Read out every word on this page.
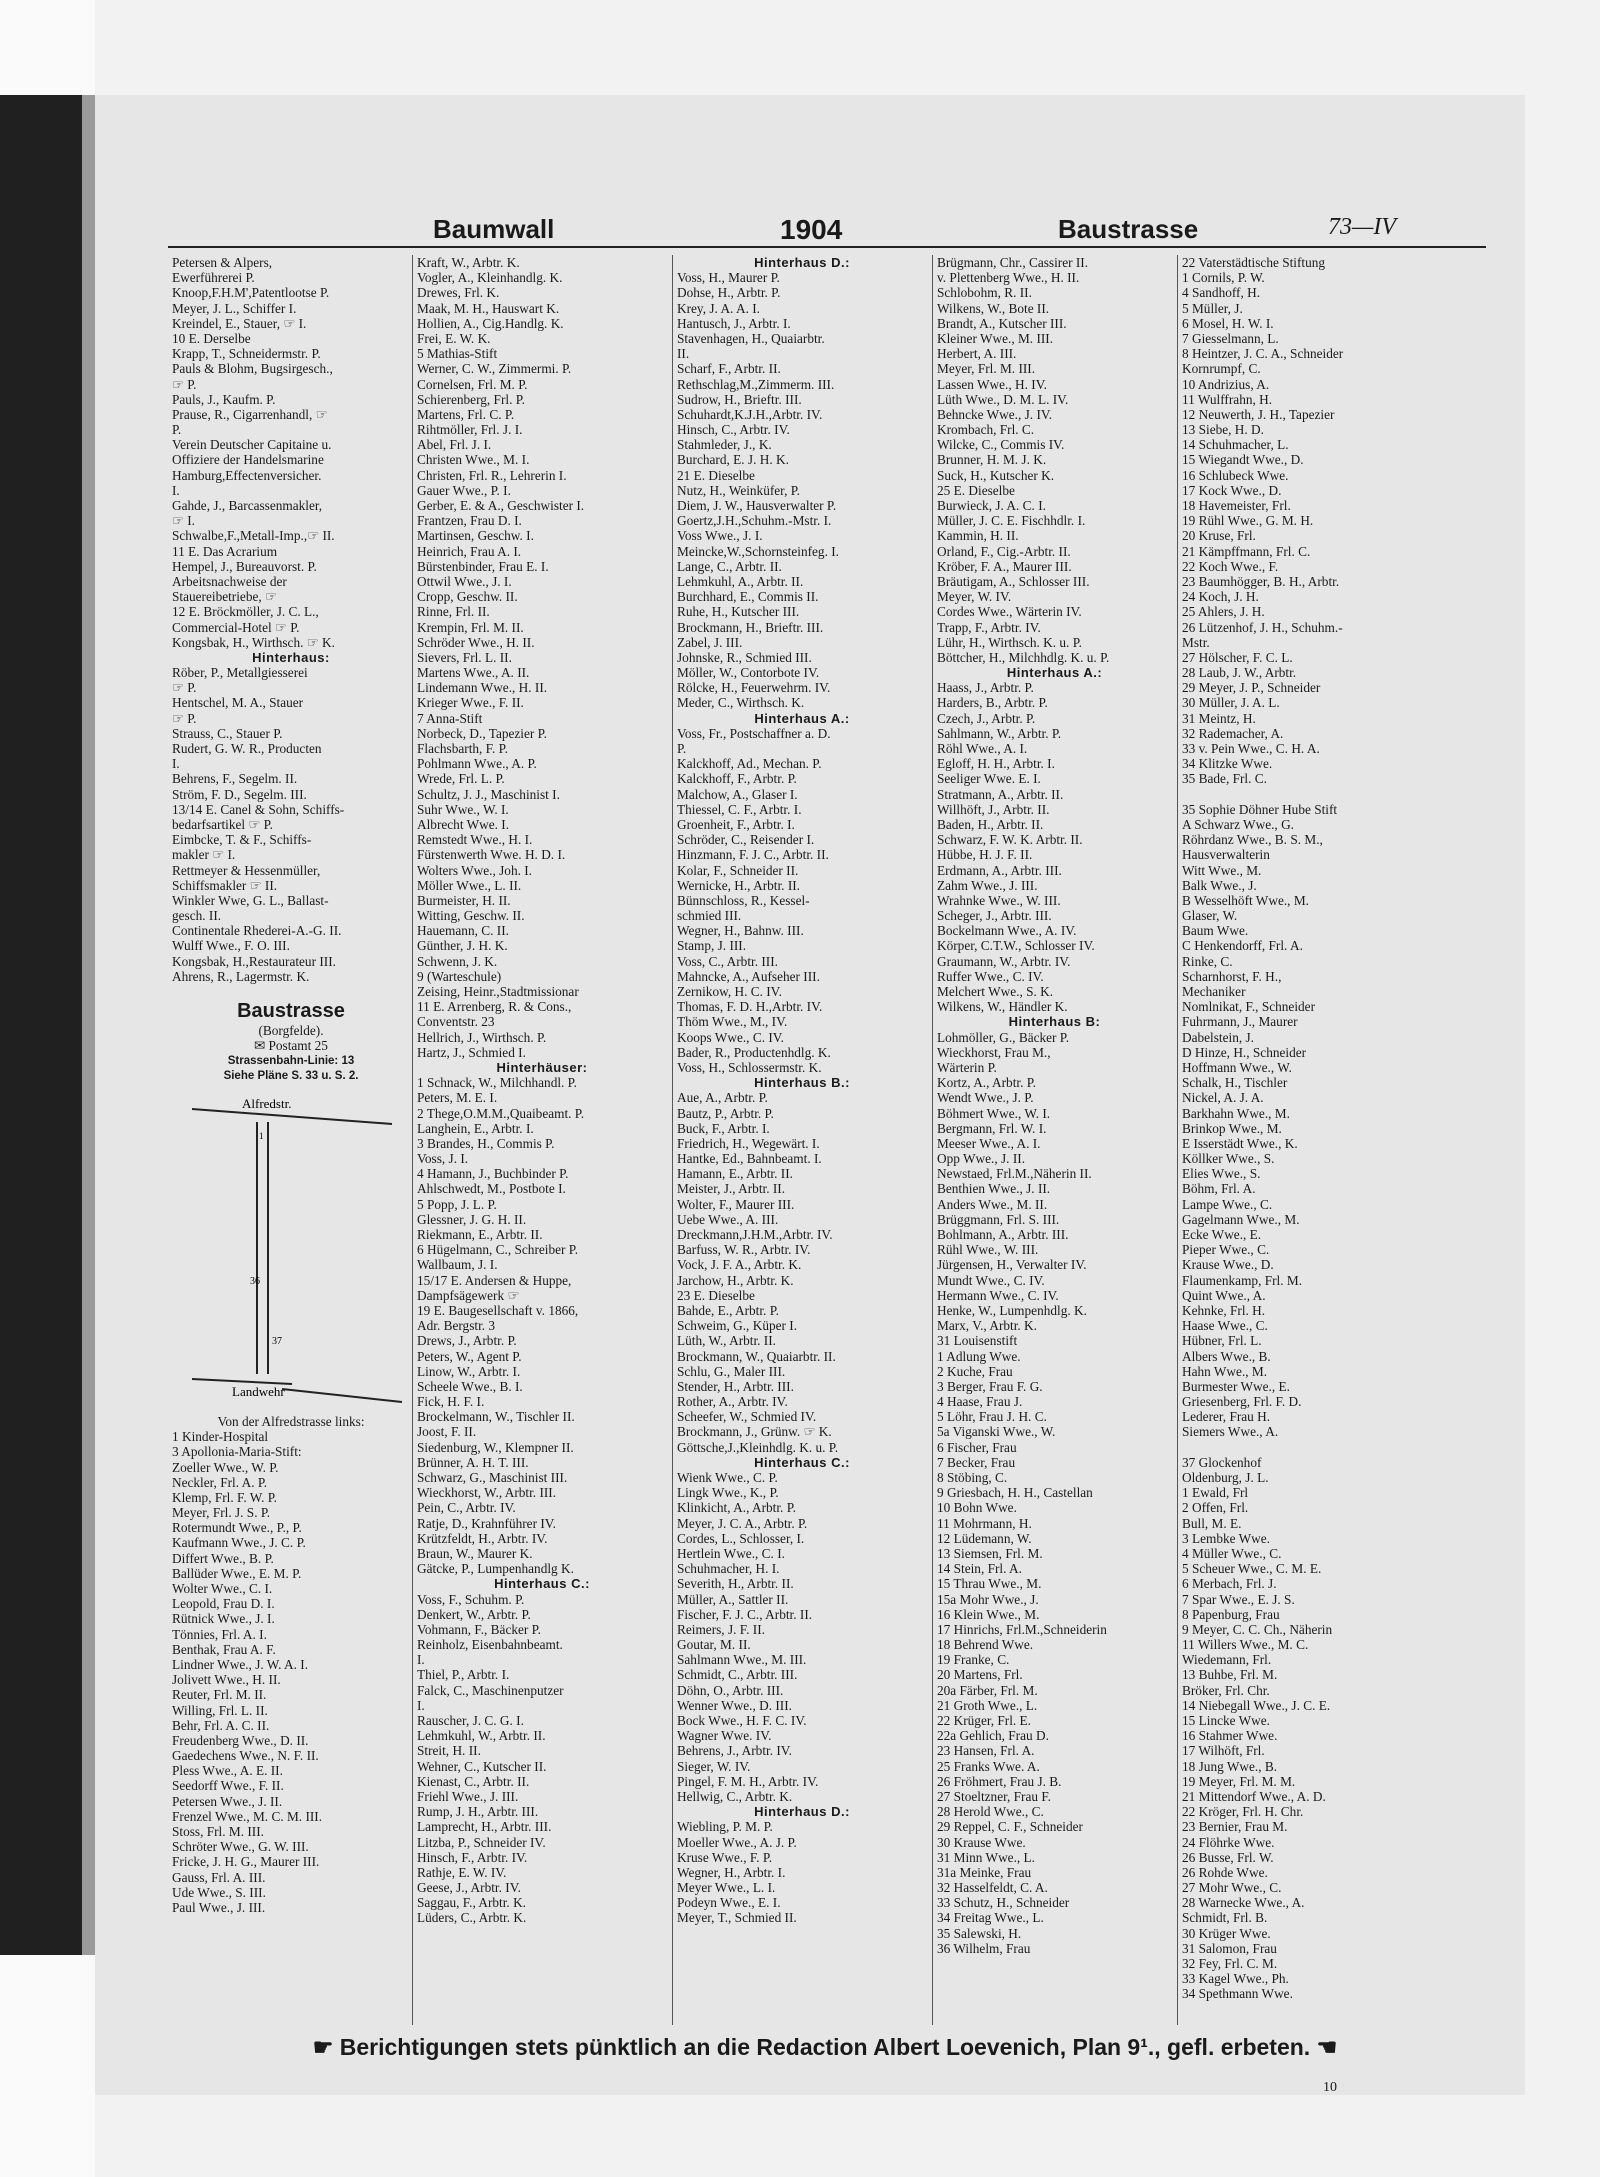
Baumwall	1904	Baustrasse	73—IV
Petersen & Alpers,
Ewerführerei P.
Knoop,F.H.M',Patentlootse P.
Meyer, J. L., Schiffer I.
Kreindel, E., Stauer, ☞ I.
10 E. Derselbe
Krapp, T., Schneidermstr. P.
Pauls & Blohm, Bugsirgesch.,
☞ P.
Pauls, J., Kaufm. P.
Prause, R., Cigarrenhandl, ☞
P.
Verein Deutscher Capitaine u.
Offiziere der Handelsmarine
Hamburg,Effectenversicher.
I.
Gahde, J., Barcassenmakler,
☞ I.
Schwalbe,F.,Metall-Imp.,☞ II.
11 E. Das Acrarium
Hempel, J., Bureauvorst. P.
Arbeitsnachweise der
Stauereibetriebe, ☞
12 E. Bröckmöller, J. C. L.,
Commercial-Hotel ☞ P.
Kongsbak, H., Wirthsch. ☞ K.
Hinterhaus:
Röber, P., Metallgiesserei
☞ P.
Hentschel, M. A., Stauer
☞ P.
Strauss, C., Stauer P.
Rudert, G. W. R., Producten
I.
Behrens, F., Segelm. II.
Ström, F. D., Segelm. III.
13/14 E. Canel & Sohn, Schiffs-
bedarfsartikel ☞ P.
Eimbcke, T. & F., Schiffs-
makler ☞ I.
Rettmeyer & Hessenmüller,
Schiffsmakler ☞ II.
Winkler Wwe, G. L., Ballast-
gesch. II.
Continentale Rhederei-A.-G. II.
Wulff Wwe., F. O. III.
Kongsbak, H.,Restaurateur III.
Ahrens, R., Lagermstr. K.
Baustrasse
(Borgfelde).
✉ Postamt 25
Strassenbahn-Linie: 13
Siehe Pläne S. 33 u. S. 2.
Alfredstr.
Landwehr
1
36
37
Von der Alfredstrasse links:
1 Kinder-Hospital
3 Apollonia-Maria-Stift:
Zoeller Wwe., W. P.
Neckler, Frl. A. P.
Klemp, Frl. F. W. P.
Meyer, Frl. J. S. P.
Rotermundt Wwe., P., P.
Kaufmann Wwe., J. C. P.
Differt Wwe., B. P.
Ballüder Wwe., E. M. P.
Wolter Wwe., C. I.
Leopold, Frau D. I.
Rütnick Wwe., J. I.
Tönnies, Frl. A. I.
Benthak, Frau A. F.
Lindner Wwe., J. W. A. I.
Jolivett Wwe., H. II.
Reuter, Frl. M. II.
Willing, Frl. L. II.
Behr, Frl. A. C. II.
Freudenberg Wwe., D. II.
Gaedechens Wwe., N. F. II.
Pless Wwe., A. E. II.
Seedorff Wwe., F. II.
Petersen Wwe., J. II.
Frenzel Wwe., M. C. M. III.
Stoss, Frl. M. III.
Schröter Wwe., G. W. III.
Fricke, J. H. G., Maurer III.
Gauss, Frl. A. III.
Ude Wwe., S. III.
Paul Wwe., J. III.
Kraft, W., Arbtr. K.
Vogler, A., Kleinhandlg. K.
Drewes, Frl. K.
Maak, M. H., Hauswart K.
Hollien, A., Cig.Handlg. K.
Frei, E. W. K.
5 Mathias-Stift
Werner, C. W., Zimmermi. P.
Cornelsen, Frl. M. P.
Schierenberg, Frl. P.
Martens, Frl. C. P.
Rihtmöller, Frl. J. I.
Abel, Frl. J. I.
Christen Wwe., M. I.
Christen, Frl. R., Lehrerin I.
Gauer Wwe., P. I.
Gerber, E. & A., Geschwister I.
Frantzen, Frau D. I.
Martinsen, Geschw. I.
Heinrich, Frau A. I.
Bürstenbinder, Frau E. I.
Ottwil Wwe., J. I.
Cropp, Geschw. II.
Rinne, Frl. II.
Krempin, Frl. M. II.
Schröder Wwe., H. II.
Sievers, Frl. L. II.
Martens Wwe., A. II.
Lindemann Wwe., H. II.
Krieger Wwe., F. II.
7 Anna-Stift
Norbeck, D., Tapezier P.
Flachsbarth, F. P.
Pohlmann Wwe., A. P.
Wrede, Frl. L. P.
Schultz, J. J., Maschinist I.
Suhr Wwe., W. I.
Albrecht Wwe. I.
Remstedt Wwe., H. I.
Fürstenwerth Wwe. H. D. I.
Wolters Wwe., Joh. I.
Möller Wwe., L. II.
Burmeister, H. II.
Witting, Geschw. II.
Hauemann, C. II.
Günther, J. H. K.
Schwenn, J. K.
9 (Warteschule)
Zeising, Heinr.,Stadtmissionar
11 E. Arrenberg, R. & Cons.,
Conventstr. 23
Hellrich, J., Wirthsch. P.
Hartz, J., Schmied I.
Hinterhäuser:
1 Schnack, W., Milchhandl. P.
Peters, M. E. I.
2 Thege,O.M.M.,Quaibeamt. P.
Langhein, E., Arbtr. I.
3 Brandes, H., Commis P.
Voss, J. I.
4 Hamann, J., Buchbinder P.
Ahlschwedt, M., Postbote I.
5 Popp, J. L. P.
Glessner, J. G. H. II.
Riekmann, E., Arbtr. II.
6 Hügelmann, C., Schreiber P.
Wallbaum, J. I.
15/17 E. Andersen & Huppe,
Dampfsägewerk ☞
19 E. Baugesellschaft v. 1866,
Adr. Bergstr. 3
Drews, J., Arbtr. P.
Peters, W., Agent P.
Linow, W., Arbtr. I.
Scheele Wwe., B. I.
Fick, H. F. I.
Brockelmann, W., Tischler II.
Joost, F. II.
Siedenburg, W., Klempner II.
Brünner, A. H. T. III.
Schwarz, G., Maschinist III.
Wieckhorst, W., Arbtr. III.
Pein, C., Arbtr. IV.
Ratje, D., Krahnführer IV.
Krützfeldt, H., Arbtr. IV.
Braun, W., Maurer K.
Gätcke, P., Lumpenhandlg K.
Hinterhaus C.:
Voss, F., Schuhm. P.
Denkert, W., Arbtr. P.
Vohmann, F., Bäcker P.
Reinholz, Eisenbahnbeamt.
I.
Thiel, P., Arbtr. I.
Falck, C., Maschinenputzer
I.
Rauscher, J. C. G. I.
Lehmkuhl, W., Arbtr. II.
Streit, H. II.
Wehner, C., Kutscher II.
Kienast, C., Arbtr. II.
Friehl Wwe., J. III.
Rump, J. H., Arbtr. III.
Lamprecht, H., Arbtr. III.
Litzba, P., Schneider IV.
Hinsch, F., Arbtr. IV.
Rathje, E. W. IV.
Geese, J., Arbtr. IV.
Saggau, F., Arbtr. K.
Lüders, C., Arbtr. K.
Hinterhaus D.:
Voss, H., Maurer P.
Dohse, H., Arbtr. P.
Krey, J. A. A. I.
Hantusch, J., Arbtr. I.
Stavenhagen, H., Quaiarbtr.
II.
Scharf, F., Arbtr. II.
Rethschlag,M.,Zimmerm. III.
Sudrow, H., Brieftr. III.
Schuhardt,K.J.H.,Arbtr. IV.
Hinsch, C., Arbtr. IV.
Stahmleder, J., K.
Burchard, E. J. H. K.
21 E. Dieselbe
Nutz, H., Weinküfer, P.
Diem, J. W., Hausverwalter P.
Goertz,J.H.,Schuhm.-Mstr. I.
Voss Wwe., J. I.
Meincke,W.,Schornsteinfeg. I.
Lange, C., Arbtr. II.
Lehmkuhl, A., Arbtr. II.
Burchhard, E., Commis II.
Ruhe, H., Kutscher III.
Brockmann, H., Brieftr. III.
Zabel, J. III.
Johnske, R., Schmied III.
Möller, W., Contorbote IV.
Rölcke, H., Feuerwehrm. IV.
Meder, C., Wirthsch. K.
Hinterhaus A.:
Voss, Fr., Postschaffner a. D.
P.
Kalckhoff, Ad., Mechan. P.
Kalckhoff, F., Arbtr. P.
Malchow, A., Glaser I.
Thiessel, C. F., Arbtr. I.
Groenheit, F., Arbtr. I.
Schröder, C., Reisender I.
Hinzmann, F. J. C., Arbtr. II.
Kolar, F., Schneider II.
Wernicke, H., Arbtr. II.
Bünnschloss, R., Kessel-
schmied III.
Wegner, H., Bahnw. III.
Stamp, J. III.
Voss, C., Arbtr. III.
Mahncke, A., Aufseher III.
Zernikow, H. C. IV.
Thomas, F. D. H.,Arbtr. IV.
Thöm Wwe., M., IV.
Koops Wwe., C. IV.
Bader, R., Productenhdlg. K.
Voss, H., Schlossermstr. K.
Hinterhaus B.:
Aue, A., Arbtr. P.
Bautz, P., Arbtr. P.
Buck, F., Arbtr. I.
Friedrich, H., Wegewärt. I.
Hantke, Ed., Bahnbeamt. I.
Hamann, E., Arbtr. II.
Meister, J., Arbtr. II.
Wolter, F., Maurer III.
Uebe Wwe., A. III.
Dreckmann,J.H.M.,Arbtr. IV.
Barfuss, W. R., Arbtr. IV.
Vock, J. F. A., Arbtr. K.
Jarchow, H., Arbtr. K.
23 E. Dieselbe
Bahde, E., Arbtr. P.
Schweim, G., Küper I.
Lüth, W., Arbtr. II.
Brockmann, W., Quaiarbtr. II.
Schlu, G., Maler III.
Stender, H., Arbtr. III.
Rother, A., Arbtr. IV.
Scheefer, W., Schmied IV.
Brockmann, J., Grünw. ☞ K.
Göttsche,J.,Kleinhdlg. K. u. P.
Hinterhaus C.:
Wienk Wwe., C. P.
Lingk Wwe., K., P.
Klinkicht, A., Arbtr. P.
Meyer, J. C. A., Arbtr. P.
Cordes, L., Schlosser, I.
Hertlein Wwe., C. I.
Schuhmacher, H. I.
Severith, H., Arbtr. II.
Müller, A., Sattler II.
Fischer, F. J. C., Arbtr. II.
Reimers, J. F. II.
Goutar, M. II.
Sahlmann Wwe., M. III.
Schmidt, C., Arbtr. III.
Döhn, O., Arbtr. III.
Wenner Wwe., D. III.
Bock Wwe., H. F. C. IV.
Wagner Wwe. IV.
Behrens, J., Arbtr. IV.
Sieger, W. IV.
Pingel, F. M. H., Arbtr. IV.
Hellwig, C., Arbtr. K.
Hinterhaus D.:
Wiebling, P. M. P.
Moeller Wwe., A. J. P.
Kruse Wwe., F. P.
Wegner, H., Arbtr. I.
Meyer Wwe., L. I.
Podeyn Wwe., E. I.
Meyer, T., Schmied II.
Brügmann, Chr., Cassirer II.
v. Plettenberg Wwe., H. II.
Schlobohm, R. II.
Wilkens, W., Bote II.
Brandt, A., Kutscher III.
Kleiner Wwe., M. III.
Herbert, A. III.
Meyer, Frl. M. III.
Lassen Wwe., H. IV.
Lüth Wwe., D. M. L. IV.
Behncke Wwe., J. IV.
Krombach, Frl. C.
Wilcke, C., Commis IV.
Brunner, H. M. J. K.
Suck, H., Kutscher K.
25 E. Dieselbe
Burwieck, J. A. C. I.
Müller, J. C. E. Fischhdlr. I.
Kammin, H. II.
Orland, F., Cig.-Arbtr. II.
Kröber, F. A., Maurer III.
Bräutigam, A., Schlosser III.
Meyer, W. IV.
Cordes Wwe., Wärterin IV.
Trapp, F., Arbtr. IV.
Lühr, H., Wirthsch. K. u. P.
Böttcher, H., Milchhdlg. K. u. P.
Hinterhaus A.:
Haass, J., Arbtr. P.
Harders, B., Arbtr. P.
Czech, J., Arbtr. P.
Sahlmann, W., Arbtr. P.
Röhl Wwe., A. I.
Egloff, H. H., Arbtr. I.
Seeliger Wwe. E. I.
Stratmann, A., Arbtr. II.
Willhöft, J., Arbtr. II.
Baden, H., Arbtr. II.
Schwarz, F. W. K. Arbtr. II.
Hübbe, H. J. F. II.
Erdmann, A., Arbtr. III.
Zahm Wwe., J. III.
Wrahnke Wwe., W. III.
Scheger, J., Arbtr. III.
Bockelmann Wwe., A. IV.
Körper, C.T.W., Schlosser IV.
Graumann, W., Arbtr. IV.
Ruffer Wwe., C. IV.
Melchert Wwe., S. K.
Wilkens, W., Händler K.
Hinterhaus B:
Lohmöller, G., Bäcker P.
Wieckhorst, Frau M.,
Wärterin P.
Kortz, A., Arbtr. P.
Wendt Wwe., J. P.
Böhmert Wwe., W. I.
Bergmann, Frl. W. I.
Meeser Wwe., A. I.
Opp Wwe., J. II.
Newstaed, Frl.M.,Näherin II.
Benthien Wwe., J. II.
Anders Wwe., M. II.
Brüggmann, Frl. S. III.
Bohlmann, A., Arbtr. III.
Rühl Wwe., W. III.
Jürgensen, H., Verwalter IV.
Mundt Wwe., C. IV.
Hermann Wwe., C. IV.
Henke, W., Lumpenhdlg. K.
Marx, V., Arbtr. K.
31 Louisenstift
1 Adlung Wwe.
2 Kuche, Frau
3 Berger, Frau F. G.
4 Haase, Frau J.
5 Löhr, Frau J. H. C.
5a Viganski Wwe., W.
6 Fischer, Frau
7 Becker, Frau
8 Stöbing, C.
9 Griesbach, H. H., Castellan
10 Bohn Wwe.
11 Mohrmann, H.
12 Lüdemann, W.
13 Siemsen, Frl. M.
14 Stein, Frl. A.
15 Thrau Wwe., M.
15a Mohr Wwe., J.
16 Klein Wwe., M.
17 Hinrichs, Frl.M.,Schneiderin
18 Behrend Wwe.
19 Franke, C.
20 Martens, Frl.
20a Färber, Frl. M.
21 Groth Wwe., L.
22 Krüger, Frl. E.
22a Gehlich, Frau D.
23 Hansen, Frl. A.
25 Franks Wwe. A.
26 Fröhmert, Frau J. B.
27 Stoeltzner, Frau F.
28 Herold Wwe., C.
29 Reppel, C. F., Schneider
30 Krause Wwe.
31 Minn Wwe., L.
31a Meinke, Frau
32 Hasselfeldt, C. A.
33 Schutz, H., Schneider
34 Freitag Wwe., L.
35 Salewski, H.
36 Wilhelm, Frau
22 Vaterstädtische Stiftung
1 Cornils, P. W.
4 Sandhoff, H.
5 Müller, J.
6 Mosel, H. W. I.
7 Giesselmann, L.
8 Heintzer, J. C. A., Schneider
Kornrumpf, C.
10 Andrizius, A.
11 Wulffrahn, H.
12 Neuwerth, J. H., Tapezier
13 Siebe, H. D.
14 Schuhmacher, L.
15 Wiegandt Wwe., D.
16 Schlubeck Wwe.
17 Kock Wwe., D.
18 Havemeister, Frl.
19 Rühl Wwe., G. M. H.
20 Kruse, Frl.
21 Kämpffmann, Frl. C.
22 Koch Wwe., F.
23 Baumhögger, B. H., Arbtr.
24 Koch, J. H.
25 Ahlers, J. H.
26 Lützenhof, J. H., Schuhm.-
Mstr.
27 Hölscher, F. C. L.
28 Laub, J. W., Arbtr.
29 Meyer, J. P., Schneider
30 Müller, J. A. L.
31 Meintz, H.
32 Rademacher, A.
33 v. Pein Wwe., C. H. A.
34 Klitzke Wwe.
35 Bade, Frl. C.
35 Sophie Döhner Hube Stift
A Schwarz Wwe., G.
Röhrdanz Wwe., B. S. M.,
Hausverwalterin
Witt Wwe., M.
Balk Wwe., J.
B Wesselhöft Wwe., M.
Glaser, W.
Baum Wwe.
C Henkendorff, Frl. A.
Rinke, C.
Scharnhorst, F. H.,
Mechaniker
Nomlnikat, F., Schneider
Fuhrmann, J., Maurer
Dabelstein, J.
D Hinze, H., Schneider
Hoffmann Wwe., W.
Schalk, H., Tischler
Nickel, A. J. A.
Barkhahn Wwe., M.
Brinkop Wwe., M.
E Isserstädt Wwe., K.
Köllker Wwe., S.
Elies Wwe., S.
Böhm, Frl. A.
Lampe Wwe., C.
Gagelmann Wwe., M.
Ecke Wwe., E.
Pieper Wwe., C.
Krause Wwe., D.
Flaumenkamp, Frl. M.
Quint Wwe., A.
Kehnke, Frl. H.
Haase Wwe., C.
Hübner, Frl. L.
Albers Wwe., B.
Hahn Wwe., M.
Burmester Wwe., E.
Griesenberg, Frl. F. D.
Lederer, Frau H.
Siemers Wwe., A.
37 Glockenhof
Oldenburg, J. L.
1 Ewald, Frl
2 Offen, Frl.
Bull, M. E.
3 Lembke Wwe.
4 Müller Wwe., C.
5 Scheuer Wwe., C. M. E.
6 Merbach, Frl. J.
7 Spar Wwe., E. J. S.
8 Papenburg, Frau
9 Meyer, C. C. Ch., Näherin
11 Willers Wwe., M. C.
Wiedemann, Frl.
13 Buhbe, Frl. M.
Bröker, Frl. Chr.
14 Niebegall Wwe., J. C. E.
15 Lincke Wwe.
16 Stahmer Wwe.
17 Wilhöft, Frl.
18 Jung Wwe., B.
19 Meyer, Frl. M. M.
21 Mittendorf Wwe., A. D.
22 Kröger, Frl. H. Chr.
23 Bernier, Frau M.
24 Flöhrke Wwe.
26 Busse, Frl. W.
26 Rohde Wwe.
27 Mohr Wwe., C.
28 Warnecke Wwe., A.
Schmidt, Frl. B.
30 Krüger Wwe.
31 Salomon, Frau
32 Fey, Frl. C. M.
33 Kagel Wwe., Ph.
34 Spethmann Wwe.
☛ Berichtigungen stets pünktlich an die Redaction Albert Loevenich, Plan 9¹., gefl. erbeten. ☚
10
